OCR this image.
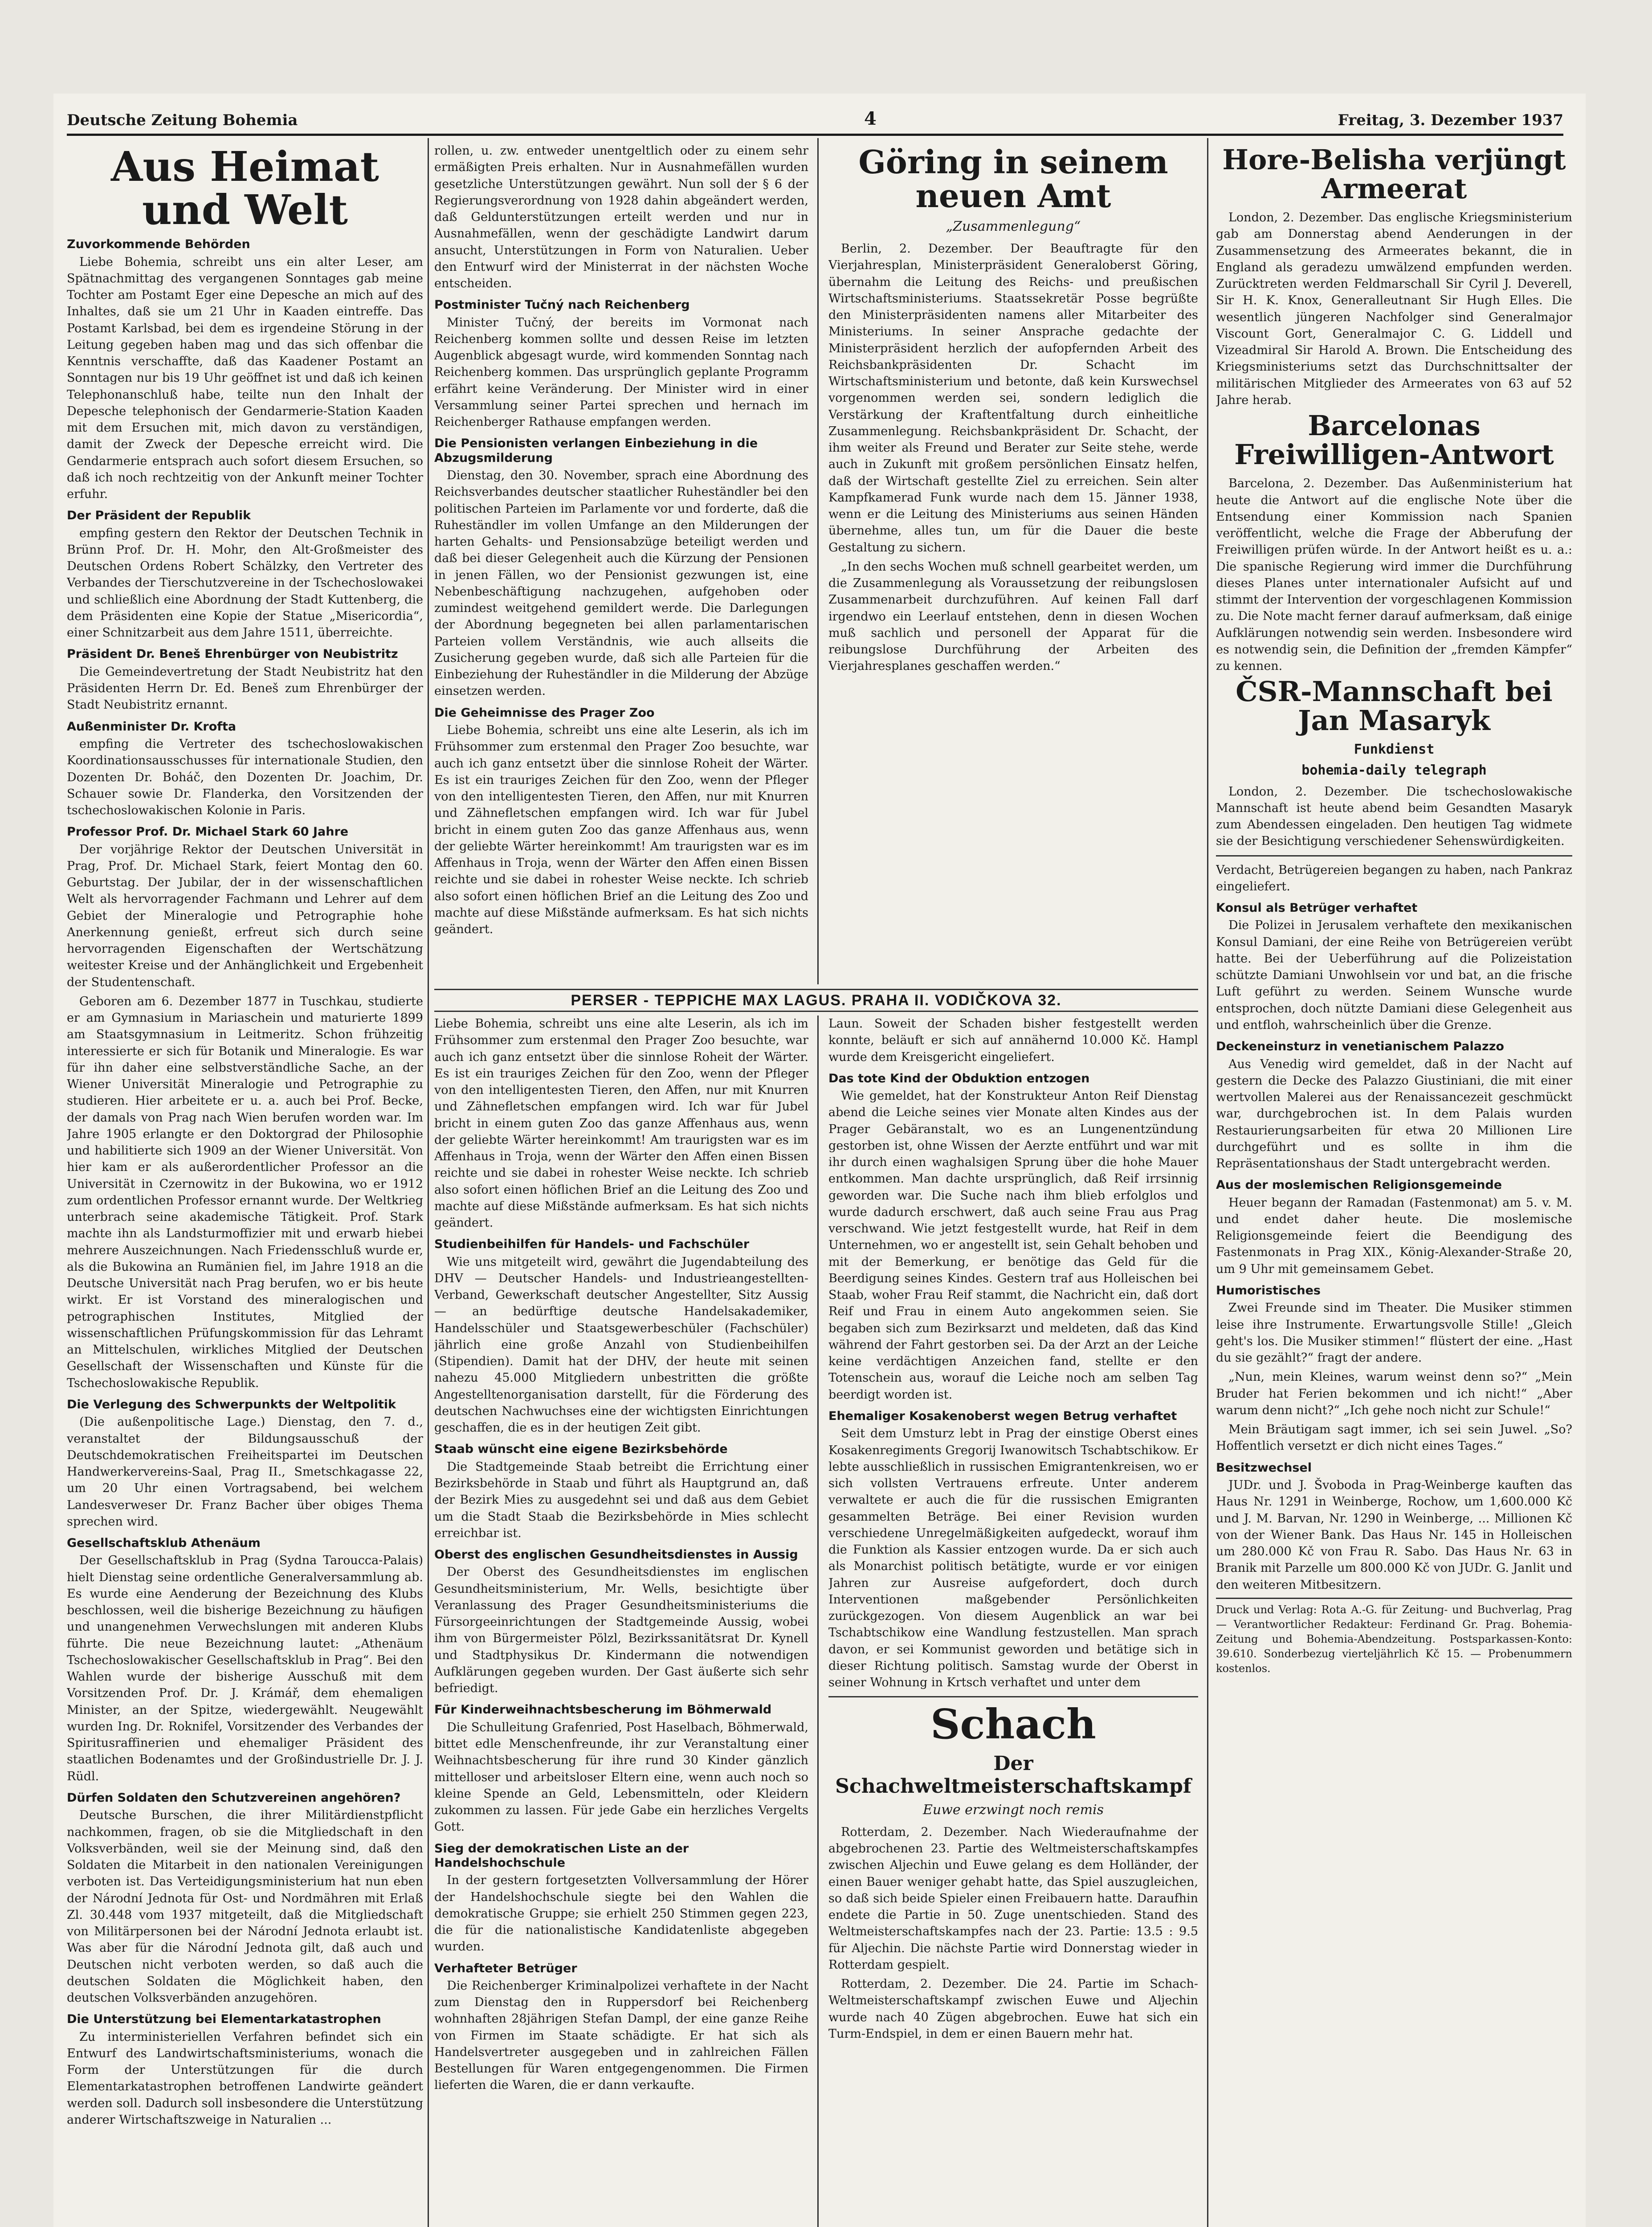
Deutsche Zeitung Bohemia	4	Freitag, 3. Dezember 1937
Aus Heimat und Welt
Zuvorkommende Behörden

Liebe Bohemia, schreibt uns ein alter Leser, am Spätnachmittag des vergangenen Sonntages gab meine Tochter am Postamt Eger eine Depesche an mich auf des Inhaltes, daß sie um 21 Uhr in Kaaden eintreffe. Das Postamt Karlsbad, bei dem es irgendeine Störung in der Leitung gegeben haben mag und das sich offenbar die Kenntnis verschaffte, daß das Kaadener Postamt an Sonntagen nur bis 19 Uhr geöffnet ist und daß ich keinen Telephonanschluß habe, teilte nun den Inhalt der Depesche telephonisch der Gendarmerie-Station Kaaden mit dem Ersuchen mit, mich davon zu verständigen, damit der Zweck der Depesche erreicht wird. Die Gendarmerie entsprach auch sofort diesem Ersuchen, so daß ich noch rechtzeitig von der Ankunft meiner Tochter erfuhr.

Der Präsident der Republik

empfing gestern den Rektor der Deutschen Technik in Brünn Prof. Dr. H. Mohr, den Alt-Großmeister des Deutschen Ordens Robert Schälzky, den Vertreter des Verbandes der Tierschutzvereine in der Tschechoslowakei und schließlich eine Abordnung der Stadt Kuttenberg, die dem Präsidenten eine Kopie der Statue „Misericordia“, einer Schnitzarbeit aus dem Jahre 1511, überreichte.

Präsident Dr. Beneš Ehrenbürger von Neubistritz

Die Gemeindevertretung der Stadt Neubistritz hat den Präsidenten Herrn Dr. Ed. Beneš zum Ehrenbürger der Stadt Neubistritz ernannt.

Außenminister Dr. Krofta

empfing die Vertreter des tschechoslowakischen Koordinationsausschusses für internationale Studien, den Dozenten Dr. Boháč, den Dozenten Dr. Joachim, Dr. Schauer sowie Dr. Flanderka, den Vorsitzenden der tschechoslowakischen Kolonie in Paris.

Professor Prof. Dr. Michael Stark 60 Jahre

Der vorjährige Rektor der Deutschen Universität in Prag, Prof. Dr. Michael Stark, feiert Montag den 60. Geburtstag. Der Jubilar, der in der wissenschaftlichen Welt als hervorragender Fachmann und Lehrer auf dem Gebiet der Mineralogie und Petrographie hohe Anerkennung genießt, erfreut sich durch seine hervorragenden Eigenschaften der Wertschätzung weitester Kreise und der Anhänglichkeit und Ergebenheit der Studentenschaft.

Geboren am 6. Dezember 1877 in Tuschkau, studierte er am Gymnasium in Mariaschein und maturierte 1899 am Staatsgymnasium in Leitmeritz. Schon frühzeitig interessierte er sich für Botanik und Mineralogie. Es war für ihn daher eine selbstverständliche Sache, an der Wiener Universität Mineralogie und Petrographie zu studieren. Hier arbeitete er u. a. auch bei Prof. Becke, der damals von Prag nach Wien berufen worden war. Im Jahre 1905 erlangte er den Doktorgrad der Philosophie und habilitierte sich 1909 an der Wiener Universität. Von hier kam er als außerordentlicher Professor an die Universität in Czernowitz in der Bukowina, wo er 1912 zum ordentlichen Professor ernannt wurde. Der Weltkrieg unterbrach seine akademische Tätigkeit. Prof. Stark machte ihn als Landsturmoffizier mit und erwarb hiebei mehrere Auszeichnungen. Nach Friedensschluß wurde er, als die Bukowina an Rumänien fiel, im Jahre 1918 an die Deutsche Universität nach Prag berufen, wo er bis heute wirkt. Er ist Vorstand des mineralogischen und petrographischen Institutes, Mitglied der wissenschaftlichen Prüfungskommission für das Lehramt an Mittelschulen, wirkliches Mitglied der Deutschen Gesellschaft der Wissenschaften und Künste für die Tschechoslowakische Republik.

Die Verlegung des Schwerpunkts der Weltpolitik

(Die außenpolitische Lage.) Dienstag, den 7. d., veranstaltet der Bildungsausschuß der Deutschdemokratischen Freiheitspartei im Deutschen Handwerkervereins-Saal, Prag II., Smetschkagasse 22, um 20 Uhr einen Vortragsabend, bei welchem Landesverweser Dr. Franz Bacher über obiges Thema sprechen wird.

Gesellschaftsklub Athenäum

Der Gesellschaftsklub in Prag (Sydna Taroucca-Palais) hielt Dienstag seine ordentliche Generalversammlung ab. Es wurde eine Aenderung der Bezeichnung des Klubs beschlossen, weil die bisherige Bezeichnung zu häufigen und unangenehmen Verwechslungen mit anderen Klubs führte. Die neue Bezeichnung lautet: „Athenäum Tschechoslowakischer Gesellschaftsklub in Prag“. Bei den Wahlen wurde der bisherige Ausschuß mit dem Vorsitzenden Prof. Dr. J. Krámář, dem ehemaligen Minister, an der Spitze, wiedergewählt. Neugewählt wurden Ing. Dr. Roknifel, Vorsitzender des Verbandes der Spiritusraffinerien und ehemaliger Präsident des staatlichen Bodenamtes und der Großindustrielle Dr. J. J. Rüdl.

Dürfen Soldaten den Schutzvereinen angehören?

Deutsche Burschen, die ihrer Militärdienstpflicht nachkommen, fragen, ob sie die Mitgliedschaft in den Volksverbänden, weil sie der Meinung sind, daß den Soldaten die Mitarbeit in den nationalen Vereinigungen verboten ist. Das Verteidigungsministerium hat nun eben der Národní Jednota für Ost- und Nordmähren mit Erlaß Zl. 30.448 vom 1937 mitgeteilt, daß die Mitgliedschaft von Militärpersonen bei der Národní Jednota erlaubt ist. Was aber für die Národní Jednota gilt, daß auch und Deutschen nicht verboten werden, so daß auch die deutschen Soldaten die Möglichkeit haben, den deutschen Volksverbänden anzugehören.

Die Unterstützung bei Elementarkatastrophen

Zu interministeriellen Verfahren befindet sich ein Entwurf des Landwirtschaftsministeriums, wonach die Form der Unterstützungen für die durch Elementarkatastrophen betroffenen Landwirte geändert werden soll. Dadurch soll insbesondere die Unterstützung anderer Wirtschaftszweige in Naturalien ...

rollen, u. zw. entweder unentgeltlich oder zu einem sehr ermäßigten Preis erhalten. Nur in Ausnahmefällen wurden gesetzliche Unterstützungen gewährt. Nun soll der § 6 der Regierungsverordnung von 1928 dahin abgeändert werden, daß Geldunterstützungen erteilt werden und nur in Ausnahmefällen, wenn der geschädigte Landwirt darum ansucht, Unterstützungen in Form von Naturalien. Ueber den Entwurf wird der Ministerrat in der nächsten Woche entscheiden.

Postminister Tučný nach Reichenberg

Minister Tučný, der bereits im Vormonat nach Reichenberg kommen sollte und dessen Reise im letzten Augenblick abgesagt wurde, wird kommenden Sonntag nach Reichenberg kommen. Das ursprünglich geplante Programm erfährt keine Veränderung. Der Minister wird in einer Versammlung seiner Partei sprechen und hernach im Reichenberger Rathause empfangen werden.

Die Pensionisten verlangen Einbeziehung in die Abzugsmilderung

Dienstag, den 30. November, sprach eine Abordnung des Reichsverbandes deutscher staatlicher Ruheständler bei den politischen Parteien im Parlamente vor und forderte, daß die Ruheständler im vollen Umfange an den Milderungen der harten Gehalts- und Pensionsabzüge beteiligt werden und daß bei dieser Gelegenheit auch die Kürzung der Pensionen in jenen Fällen, wo der Pensionist gezwungen ist, eine Nebenbeschäftigung nachzugehen, aufgehoben oder zumindest weitgehend gemildert werde. Die Darlegungen der Abordnung begegneten bei allen parlamentarischen Parteien vollem Verständnis, wie auch allseits die Zusicherung gegeben wurde, daß sich alle Parteien für die Einbeziehung der Ruheständler in die Milderung der Abzüge einsetzen werden.

Die Geheimnisse des Prager Zoo

Liebe Bohemia, schreibt uns eine alte Leserin, als ich im Frühsommer zum erstenmal den Prager Zoo besuchte, war auch ich ganz entsetzt über die sinnlose Roheit der Wärter. Es ist ein trauriges Zeichen für den Zoo, wenn der Pfleger von den intelligentesten Tieren, den Affen, nur mit Knurren und Zähnefletschen empfangen wird. Ich war für Jubel bricht in einem guten Zoo das ganze Affenhaus aus, wenn der geliebte Wärter hereinkommt! Am traurigsten war es im Affenhaus in Troja, wenn der Wärter den Affen einen Bissen reichte und sie dabei in rohester Weise neckte. Ich schrieb also sofort einen höflichen Brief an die Leitung des Zoo und machte auf diese Mißstände aufmerksam. Es hat sich nichts geändert.

Göring in seinem neuen Amt
„Zusammenlegung“

Berlin, 2. Dezember. Der Beauftragte für den Vierjahresplan, Ministerpräsident Generaloberst Göring, übernahm die Leitung des Reichs- und preußischen Wirtschaftsministeriums. Staatssekretär Posse begrüßte den Ministerpräsidenten namens aller Mitarbeiter des Ministeriums. In seiner Ansprache gedachte der Ministerpräsident herzlich der aufopfernden Arbeit des Reichsbankpräsidenten Dr. Schacht im Wirtschaftsministerium und betonte, daß kein Kurswechsel vorgenommen werden sei, sondern lediglich die Verstärkung der Kraftentfaltung durch einheitliche Zusammenlegung. Reichsbankpräsident Dr. Schacht, der ihm weiter als Freund und Berater zur Seite stehe, werde auch in Zukunft mit großem persönlichen Einsatz helfen, daß der Wirtschaft gestellte Ziel zu erreichen. Sein alter Kampfkamerad Funk wurde nach dem 15. Jänner 1938, wenn er die Leitung des Ministeriums aus seinen Händen übernehme, alles tun, um für die Dauer die beste Gestaltung zu sichern.

„In den sechs Wochen muß schnell gearbeitet werden, um die Zusammenlegung als Voraussetzung der reibungslosen Zusammenarbeit durchzuführen. Auf keinen Fall darf irgendwo ein Leerlauf entstehen, denn in diesen Wochen muß sachlich und personell der Apparat für die reibungslose Durchführung der Arbeiten des Vierjahresplanes geschaffen werden.“

PERSER - TEPPICHE MAX LAGUS. PRAHA II. VODIČKOVA 32.

Liebe Bohemia, schreibt uns eine alte Leserin, als ich im Frühsommer zum erstenmal den Prager Zoo besuchte, war auch ich ganz entsetzt über die sinnlose Roheit der Wärter. Es ist ein trauriges Zeichen für den Zoo, wenn der Pfleger von den intelligentesten Tieren, den Affen, nur mit Knurren und Zähnefletschen empfangen wird. Ich war für Jubel bricht in einem guten Zoo das ganze Affenhaus aus, wenn der geliebte Wärter hereinkommt! Am traurigsten war es im Affenhaus in Troja, wenn der Wärter den Affen einen Bissen reichte und sie dabei in rohester Weise neckte. Ich schrieb also sofort einen höflichen Brief an die Leitung des Zoo und machte auf diese Mißstände aufmerksam. Es hat sich nichts geändert.

Studienbeihilfen für Handels- und Fachschüler

Wie uns mitgeteilt wird, gewährt die Jugendabteilung des DHV — Deutscher Handels- und Industrieangestellten-Verband, Gewerkschaft deutscher Angestellter, Sitz Aussig — an bedürftige deutsche Handelsakademiker, Handelsschüler und Staatsgewerbeschüler (Fachschüler) jährlich eine große Anzahl von Studienbeihilfen (Stipendien). Damit hat der DHV, der heute mit seinen nahezu 45.000 Mitgliedern unbestritten die größte Angestelltenorganisation darstellt, für die Förderung des deutschen Nachwuchses eine der wichtigsten Einrichtungen geschaffen, die es in der heutigen Zeit gibt.

Staab wünscht eine eigene Bezirksbehörde

Die Stadtgemeinde Staab betreibt die Errichtung einer Bezirksbehörde in Staab und führt als Hauptgrund an, daß der Bezirk Mies zu ausgedehnt sei und daß aus dem Gebiet um die Stadt Staab die Bezirksbehörde in Mies schlecht erreichbar ist.

Oberst des englischen Gesundheitsdienstes in Aussig

Der Oberst des Gesundheitsdienstes im englischen Gesundheitsministerium, Mr. Wells, besichtigte über Veranlassung des Prager Gesundheitsministeriums die Fürsorgeeinrichtungen der Stadtgemeinde Aussig, wobei ihm von Bürgermeister Pölzl, Bezirkssanitätsrat Dr. Kynell und Stadtphysikus Dr. Kindermann die notwendigen Aufklärungen gegeben wurden. Der Gast äußerte sich sehr befriedigt.

Für Kinderweihnachtsbescherung im Böhmerwald

Die Schulleitung Grafenried, Post Haselbach, Böhmerwald, bittet edle Menschenfreunde, ihr zur Veranstaltung einer Weihnachtsbescherung für ihre rund 30 Kinder gänzlich mittelloser und arbeitsloser Eltern eine, wenn auch noch so kleine Spende an Geld, Lebensmitteln, oder Kleidern zukommen zu lassen. Für jede Gabe ein herzliches Vergelts Gott.

Sieg der demokratischen Liste an der Handelshochschule

In der gestern fortgesetzten Vollversammlung der Hörer der Handelshochschule siegte bei den Wahlen die demokratische Gruppe; sie erhielt 250 Stimmen gegen 223, die für die nationalistische Kandidatenliste abgegeben wurden.

Verhafteter Betrüger

Die Reichenberger Kriminalpolizei verhaftete in der Nacht zum Dienstag den in Ruppersdorf bei Reichenberg wohnhaften 28jährigen Stefan Dampl, der eine ganze Reihe von Firmen im Staate schädigte. Er hat sich als Handelsvertreter ausgegeben und in zahlreichen Fällen Bestellungen für Waren entgegengenommen. Die Firmen lieferten die Waren, die er dann verkaufte.

Laun. Soweit der Schaden bisher festgestellt werden konnte, beläuft er sich auf annähernd 10.000 Kč. Hampl wurde dem Kreisgericht eingeliefert.

Das tote Kind der Obduktion entzogen

Wie gemeldet, hat der Konstrukteur Anton Reif Dienstag abend die Leiche seines vier Monate alten Kindes aus der Prager Gebäranstalt, wo es an Lungenentzündung gestorben ist, ohne Wissen der Aerzte entführt und war mit ihr durch einen waghalsigen Sprung über die hohe Mauer entkommen. Man dachte ursprünglich, daß Reif irrsinnig geworden war. Die Suche nach ihm blieb erfolglos und wurde dadurch erschwert, daß auch seine Frau aus Prag verschwand. Wie jetzt festgestellt wurde, hat Reif in dem Unternehmen, wo er angestellt ist, sein Gehalt behoben und mit der Bemerkung, er benötige das Geld für die Beerdigung seines Kindes. Gestern traf aus Holleischen bei Staab, woher Frau Reif stammt, die Nachricht ein, daß dort Reif und Frau in einem Auto angekommen seien. Sie begaben sich zum Bezirksarzt und meldeten, daß das Kind während der Fahrt gestorben sei. Da der Arzt an der Leiche keine verdächtigen Anzeichen fand, stellte er den Totenschein aus, worauf die Leiche noch am selben Tag beerdigt worden ist.

Ehemaliger Kosakenoberst wegen Betrug verhaftet

Seit dem Umsturz lebt in Prag der einstige Oberst eines Kosakenregiments Gregorij Iwanowitsch Tschabtschikow. Er lebte ausschließlich in russischen Emigrantenkreisen, wo er sich vollsten Vertrauens erfreute. Unter anderem verwaltete er auch die für die russischen Emigranten gesammelten Beträge. Bei einer Revision wurden verschiedene Unregelmäßigkeiten aufgedeckt, worauf ihm die Funktion als Kassier entzogen wurde. Da er sich auch als Monarchist politisch betätigte, wurde er vor einigen Jahren zur Ausreise aufgefordert, doch durch Interventionen maßgebender Persönlichkeiten zurückgezogen. Von diesem Augenblick an war bei Tschabtschikow eine Wandlung festzustellen. Man sprach davon, er sei Kommunist geworden und betätige sich in dieser Richtung politisch. Samstag wurde der Oberst in seiner Wohnung in Krtsch verhaftet und unter dem

Schach
Der Schachweltmeisterschaftskampf
Euwe erzwingt noch remis

Rotterdam, 2. Dezember. Nach Wiederaufnahme der abgebrochenen 23. Partie des Weltmeisterschaftskampfes zwischen Aljechin und Euwe gelang es dem Holländer, der einen Bauer weniger gehabt hatte, das Spiel auszugleichen, so daß sich beide Spieler einen Freibauern hatte. Daraufhin endete die Partie in 50. Zuge unentschieden. Stand des Weltmeisterschaftskampfes nach der 23. Partie: 13.5 : 9.5 für Aljechin. Die nächste Partie wird Donnerstag wieder in Rotterdam gespielt.

Rotterdam, 2. Dezember. Die 24. Partie im Schach-Weltmeisterschaftskampf zwischen Euwe und Aljechin wurde nach 40 Zügen abgebrochen. Euwe hat sich ein Turm-Endspiel, in dem er einen Bauern mehr hat.

Hore-Belisha verjüngt Armeerat

London, 2. Dezember. Das englische Kriegsministerium gab am Donnerstag abend Aenderungen in der Zusammensetzung des Armeerates bekannt, die in England als geradezu umwälzend empfunden werden. Zurücktreten werden Feldmarschall Sir Cyril J. Deverell, Sir H. K. Knox, Generalleutnant Sir Hugh Elles. Die wesentlich jüngeren Nachfolger sind Generalmajor Viscount Gort, Generalmajor C. G. Liddell und Vizeadmiral Sir Harold A. Brown. Die Entscheidung des Kriegsministeriums setzt das Durchschnittsalter der militärischen Mitglieder des Armeerates von 63 auf 52 Jahre herab.

Barcelonas Freiwilligen-Antwort

Barcelona, 2. Dezember. Das Außenministerium hat heute die Antwort auf die englische Note über die Entsendung einer Kommission nach Spanien veröffentlicht, welche die Frage der Abberufung der Freiwilligen prüfen würde. In der Antwort heißt es u. a.: Die spanische Regierung wird immer die Durchführung dieses Planes unter internationaler Aufsicht auf und stimmt der Intervention der vorgeschlagenen Kommission zu. Die Note macht ferner darauf aufmerksam, daß einige Aufklärungen notwendig sein werden. Insbesondere wird es notwendig sein, die Definition der „fremden Kämpfer“ zu kennen.

ČSR-Mannschaft bei Jan Masaryk
Funkdienst
bohemia-daily telegraph

London, 2. Dezember. Die tschechoslowakische Mannschaft ist heute abend beim Gesandten Masaryk zum Abendessen eingeladen. Den heutigen Tag widmete sie der Besichtigung verschiedener Sehenswürdigkeiten.

Verdacht, Betrügereien begangen zu haben, nach Pankraz eingeliefert.

Konsul als Betrüger verhaftet

Die Polizei in Jerusalem verhaftete den mexikanischen Konsul Damiani, der eine Reihe von Betrügereien verübt hatte. Bei der Ueberführung auf die Polizeistation schützte Damiani Unwohlsein vor und bat, an die frische Luft geführt zu werden. Seinem Wunsche wurde entsprochen, doch nützte Damiani diese Gelegenheit aus und entfloh, wahrscheinlich über die Grenze.

Deckeneinsturz in venetianischem Palazzo

Aus Venedig wird gemeldet, daß in der Nacht auf gestern die Decke des Palazzo Giustiniani, die mit einer wertvollen Malerei aus der Renaissancezeit geschmückt war, durchgebrochen ist. In dem Palais wurden Restaurierungsarbeiten für etwa 20 Millionen Lire durchgeführt und es sollte in ihm die Repräsentationshaus der Stadt untergebracht werden.

Aus der moslemischen Religionsgemeinde

Heuer begann der Ramadan (Fastenmonat) am 5. v. M. und endet daher heute. Die moslemische Religionsgemeinde feiert die Beendigung des Fastenmonats in Prag XIX., König-Alexander-Straße 20, um 9 Uhr mit gemeinsamem Gebet.

Humoristisches

Zwei Freunde sind im Theater. Die Musiker stimmen leise ihre Instrumente. Erwartungsvolle Stille! „Gleich geht's los. Die Musiker stimmen!“ flüstert der eine. „Hast du sie gezählt?“ fragt der andere.

„Nun, mein Kleines, warum weinst denn so?“ „Mein Bruder hat Ferien bekommen und ich nicht!“ „Aber warum denn nicht?“ „Ich gehe noch nicht zur Schule!“

Mein Bräutigam sagt immer, ich sei sein Juwel. „So? Hoffentlich versetzt er dich nicht eines Tages.“

Besitzwechsel

JUDr. und J. Švoboda in Prag-Weinberge kauften das Haus Nr. 1291 in Weinberge, Rochow, um 1,600.000 Kč und J. M. Barvan, Nr. 1290 in Weinberge, ... Millionen Kč von der Wiener Bank. Das Haus Nr. 145 in Holleischen um 280.000 Kč von Frau R. Sabo. Das Haus Nr. 63 in Branik mit Parzelle um 800.000 Kč von JUDr. G. Janlit und den weiteren Mitbesitzern.

Druck und Verlag: Rota A.-G. für Zeitung- und Buchverlag, Prag — Verantwortlicher Redakteur: Ferdinand Gr. Prag. Bohemia-Zeitung und Bohemia-Abendzeitung. Postsparkassen-Konto: 39.610. Sonderbezug vierteljährlich Kč 15. — Probenummern kostenlos.
